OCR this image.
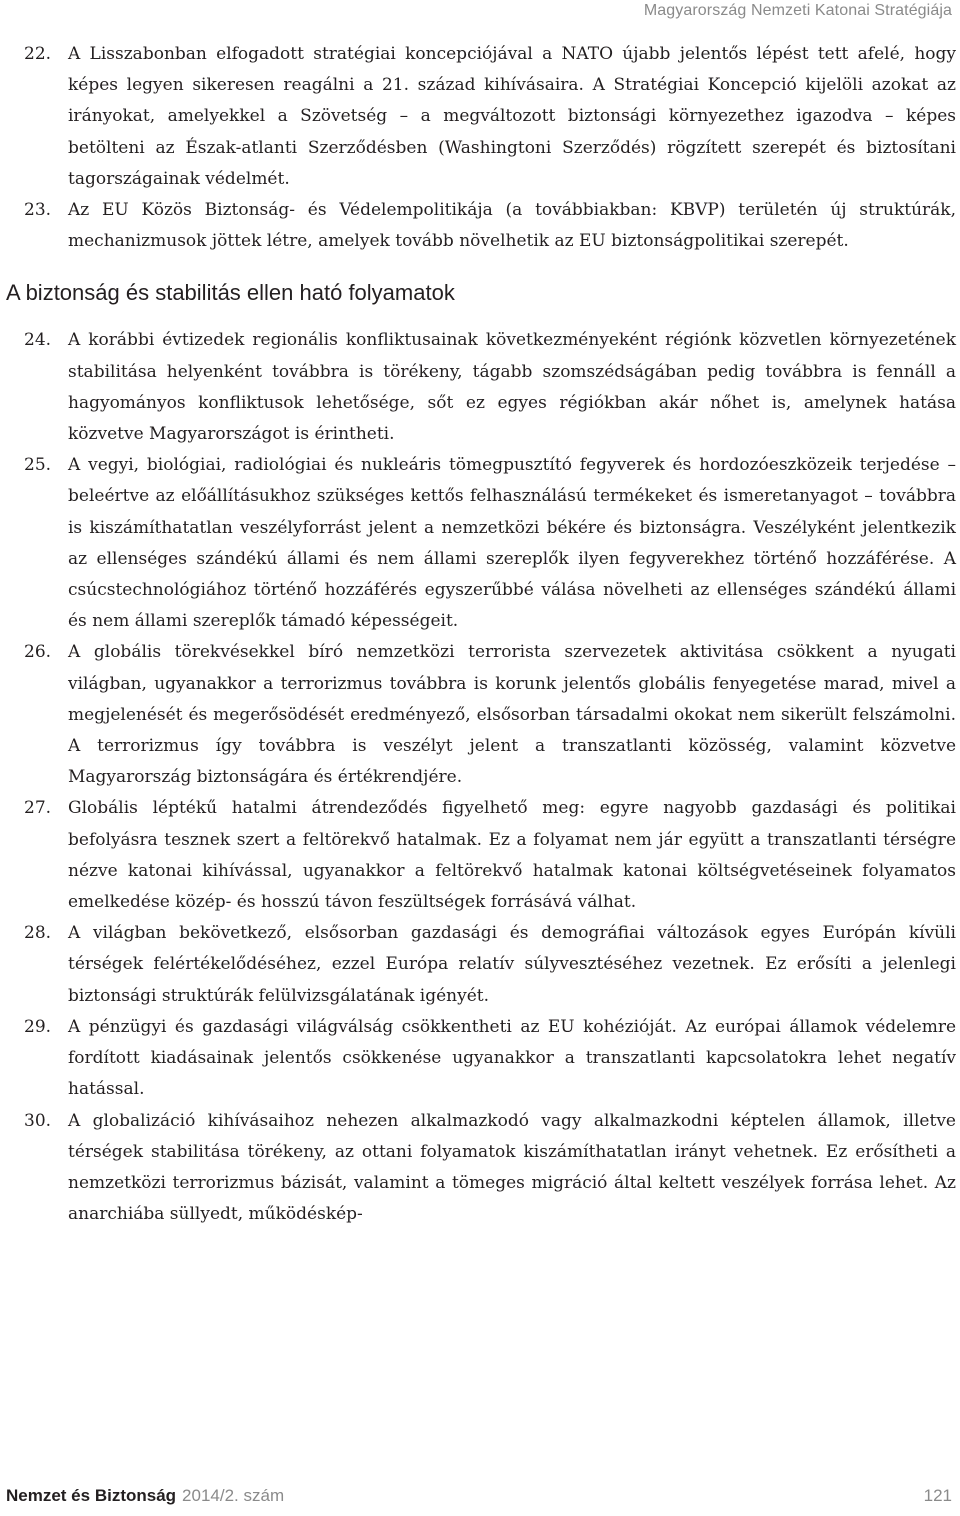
Magyarország Nemzeti Katonai Stratégiája
22. A Lisszabonban elfogadott stratégiai koncepciójával a NATO újabb jelentős lépést tett afelé, hogy képes legyen sikeresen reagálni a 21. század kihívásaira. A Stratégiai Koncepció kijelöli azokat az irányokat, amelyekkel a Szövetség – a megváltozott biztonsági környezethez igazodva – képes betölteni az Észak-atlanti Szerződésben (Washingtoni Szerződés) rögzített szerepét és biztosítani tagországainak védelmét.
23. Az EU Közös Biztonság- és Védelempolitikája (a továbbiakban: KBVP) területén új struktúrák, mechanizmusok jöttek létre, amelyek tovább növelhetik az EU biztonságpolitikai szerepét.
A biztonság és stabilitás ellen ható folyamatok
24. A korábbi évtizedek regionális konfliktusainak következményeként régiónk közvetlen környezetének stabilitása helyenként továbbra is törékeny, tágabb szomszédságában pedig továbbra is fennáll a hagyományos konfliktusok lehetősége, sőt ez egyes régiókban akár nőhet is, amelynek hatása közvetve Magyarországot is érintheti.
25. A vegyi, biológiai, radiológiai és nukleáris tömegpusztító fegyverek és hordozóeszközeik terjedése – beleértve az előállításukhoz szükséges kettős felhasználású termékeket és ismeretanyagot – továbbra is kiszámíthatatlan veszélyforrást jelent a nemzetközi békére és biztonságra. Veszélyként jelentkezik az ellenséges szándékú állami és nem állami szereplők ilyen fegyverekhez történő hozzáférése. A csúcstechnológiához történő hozzáférés egyszerűbbé válása növelheti az ellenséges szándékú állami és nem állami szereplők támadó képességeit.
26. A globális törekvésekkel bíró nemzetközi terrorista szervezetek aktivitása csökkent a nyugati világban, ugyanakkor a terrorizmus továbbra is korunk jelentős globális fenyegetése marad, mivel a megjelenését és megerősödését eredményező, elsősorban társadalmi okokat nem sikerült felszámolni. A terrorizmus így továbbra is veszélyt jelent a transzatlanti közösség, valamint közvetve Magyarország biztonságára és értékrendjére.
27. Globális léptékű hatalmi átrendeződés figyelhető meg: egyre nagyobb gazdasági és politikai befolyásra tesznek szert a feltörekvő hatalmak. Ez a folyamat nem jár együtt a transzatlanti térségre nézve katonai kihívással, ugyanakkor a feltörekvő hatalmak katonai költségvetéseinek folyamatos emelkedése közép- és hosszú távon feszültségek forrásává válhat.
28. A világban bekövetkező, elsősorban gazdasági és demográfiai változások egyes Európán kívüli térségek felértékelődéséhez, ezzel Európa relatív súlyvesztéséhez vezetnek. Ez erősíti a jelenlegi biztonsági struktúrák felülvizsgálatának igényét.
29. A pénzügyi és gazdasági világválság csökkentheti az EU kohézióját. Az európai államok védelemre fordított kiadásainak jelentős csökkenése ugyanakkor a transzatlanti kapcsolatokra lehet negatív hatással.
30. A globalizáció kihívásaihoz nehezen alkalmazkodó vagy alkalmazkodni képtelen államok, illetve térségek stabilitása törékeny, az ottani folyamatok kiszámíthatatlan irányt vehetnek. Ez erősítheti a nemzetközi terrorizmus bázisát, valamint a tömeges migráció által keltett veszélyek forrása lehet. Az anarchiába süllyedt, működéskép-
Nemzet és Biztonság 2014/2. szám	121
